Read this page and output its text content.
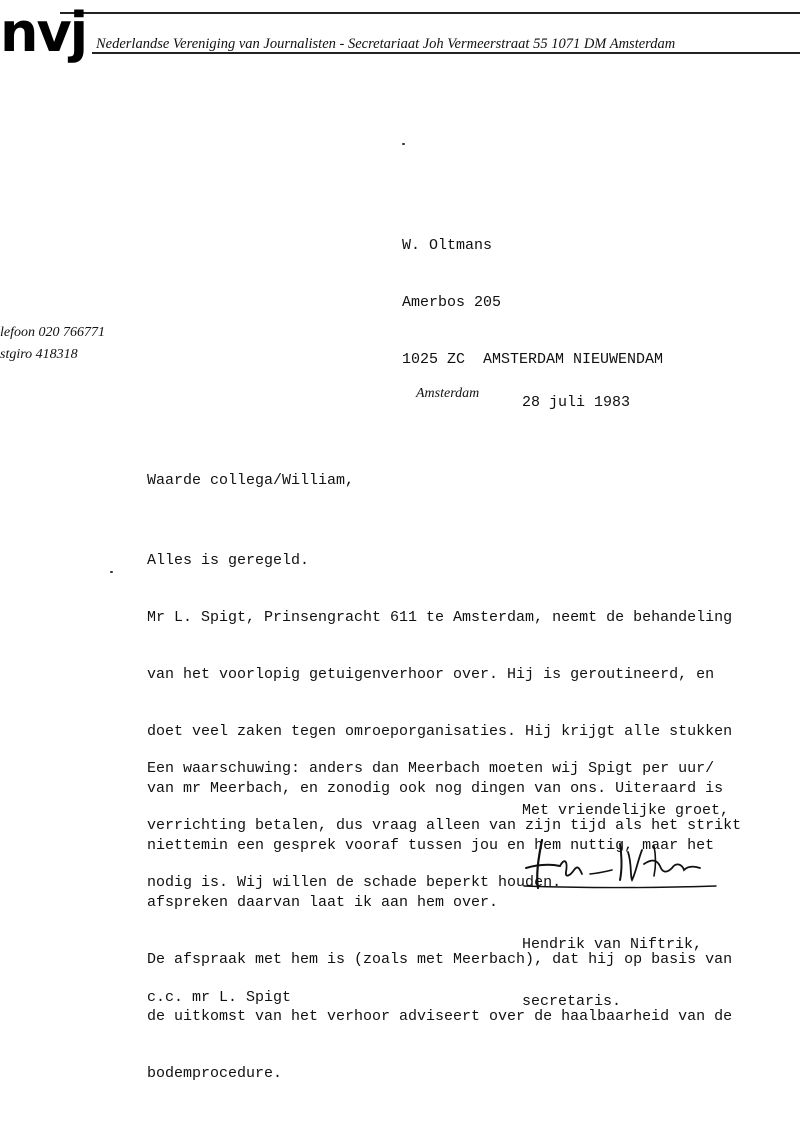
nvj Nederlandse Vereniging van Journalisten - Secretariaat Joh Vermeerstraat 55 1071 DM Amsterdam

W. Oltmans

Amerbos 205

1025 ZC  AMSTERDAM NIEUWENDAM

lefoon 020 766771
stgiro 418318
Amsterdam
28 juli 1983
Waarde collega/William,

Alles is geregeld.

Mr L. Spigt, Prinsengracht 611 te Amsterdam, neemt de behandeling

van het voorlopig getuigenverhoor over. Hij is geroutineerd, en

doet veel zaken tegen omroeporganisaties. Hij krijgt alle stukken

van mr Meerbach, en zonodig ook nog dingen van ons. Uiteraard is

niettemin een gesprek vooraf tussen jou en hem nuttig, maar het

afspreken daarvan laat ik aan hem over.

De afspraak met hem is (zoals met Meerbach), dat hij op basis van

de uitkomst van het verhoor adviseert over de haalbaarheid van de

bodemprocedure.

Een waarschuwing: anders dan Meerbach moeten wij Spigt per uur/

verrichting betalen, dus vraag alleen van zijn tijd als het strikt

nodig is. Wij willen de schade beperkt houden.

Met vriendelijke groet,

Hendrik van Niftrik,

secretaris.

c.c. mr L. Spigt
